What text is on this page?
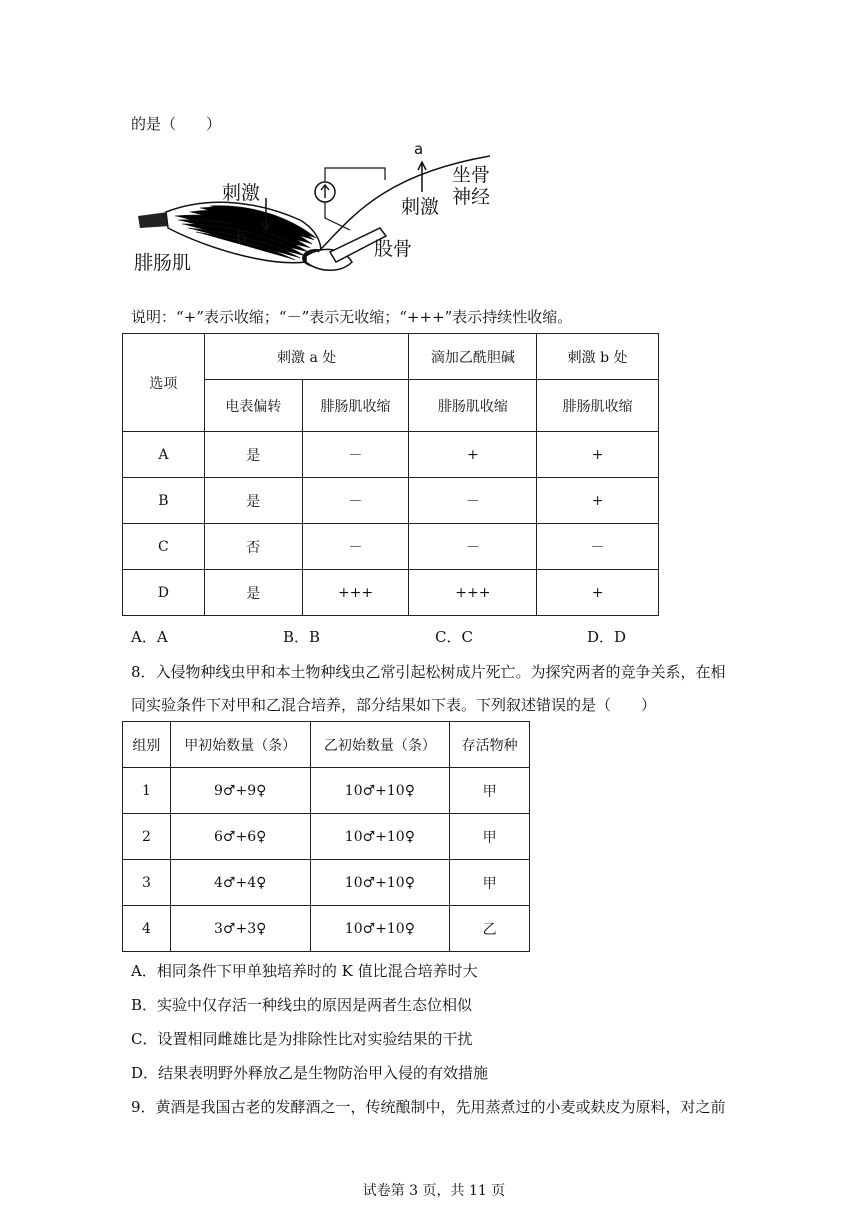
的是（　　）
刺激
b
腓肠肌
a
刺激
坐骨
神经
股骨
说明：“+”表示收缩；“－”表示无收缩；“+++”表示持续性收缩。
选项	刺激 a 处		滴加乙酰胆碱	刺激 b 处
	电表偏转	腓肠肌收缩	腓肠肌收缩	腓肠肌收缩
A	是	－	+	+
B	是	－	－	+
C	否	－	－	－
D	是	+++	+++	+
A．A	B．B	C．C	D．D
8．入侵物种线虫甲和本土物种线虫乙常引起松树成片死亡。为探究两者的竞争关系，在相
同实验条件下对甲和乙混合培养，部分结果如下表。下列叙述错误的是（　　）
组别	甲初始数量（条）	乙初始数量（条）	存活物种
1	9♂+9♀	10♂+10♀	甲
2	6♂+6♀	10♂+10♀	甲
3	4♂+4♀	10♂+10♀	甲
4	3♂+3♀	10♂+10♀	乙
A．相同条件下甲单独培养时的 K 值比混合培养时大
B．实验中仅存活一种线虫的原因是两者生态位相似
C．设置相同雌雄比是为排除性比对实验结果的干扰
D．结果表明野外释放乙是生物防治甲入侵的有效措施
9．黄酒是我国古老的发酵酒之一，传统酿制中，先用蒸煮过的小麦或麸皮为原料，对之前
试卷第 3 页，共 11 页
